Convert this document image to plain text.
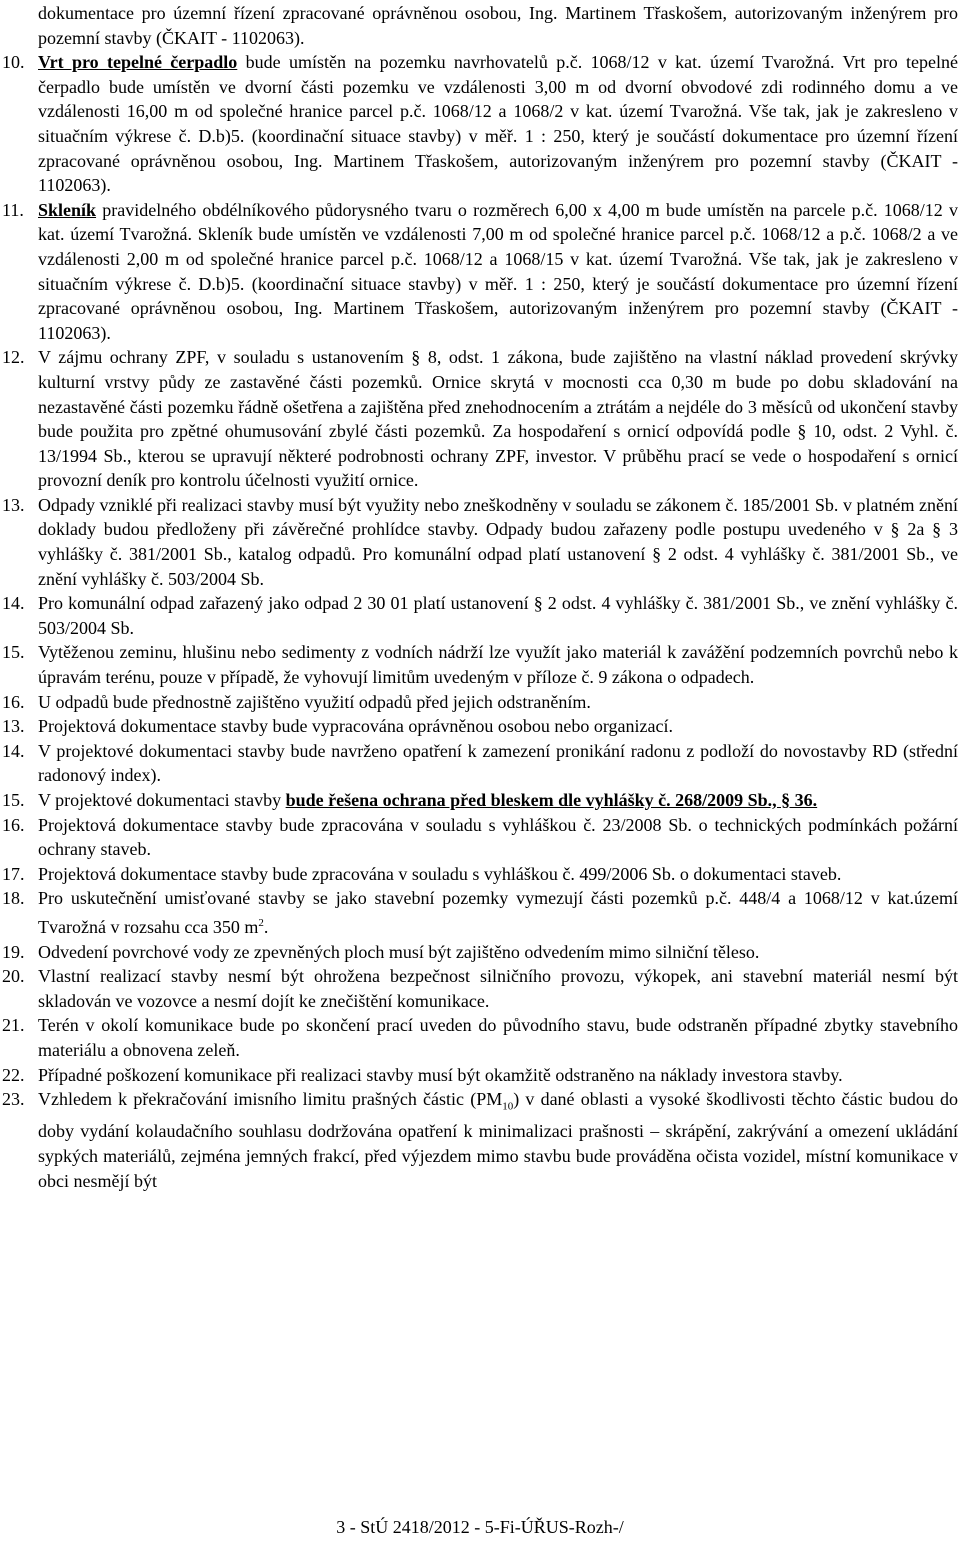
dokumentace pro územní řízení zpracované oprávněnou osobou, Ing. Martinem Třaskošem, autorizovaným inženýrem pro pozemní stavby (ČKAIT - 1102063).
10. Vrt pro tepelné čerpadlo bude umístěn na pozemku navrhovatelů p.č. 1068/12 v kat. území Tvarožná. Vrt pro tepelné čerpadlo bude umístěn ve dvorní části pozemku ve vzdálenosti 3,00 m od dvorní obvodové zdi rodinného domu a ve vzdálenosti 16,00 m od společné hranice parcel p.č. 1068/12 a 1068/2 v kat. území Tvarožná. Vše tak, jak je zakresleno v situačním výkrese č. D.b)5. (koordinační situace stavby) v měř. 1 : 250, který je součástí dokumentace pro územní řízení zpracované oprávněnou osobou, Ing. Martinem Třaskošem, autorizovaným inženýrem pro pozemní stavby (ČKAIT - 1102063).
11. Skleník pravidelného obdélníkového půdorysného tvaru o rozměrech 6,00 x 4,00 m bude umístěn na parcele p.č. 1068/12 v kat. území Tvarožná. Skleník bude umístěn ve vzdálenosti 7,00 m od společné hranice parcel p.č. 1068/12 a p.č. 1068/2 a ve vzdálenosti 2,00 m od společné hranice parcel p.č. 1068/12 a 1068/15 v kat. území Tvarožná. Vše tak, jak je zakresleno v situačním výkrese č. D.b)5. (koordinační situace stavby) v měř. 1 : 250, který je součástí dokumentace pro územní řízení zpracované oprávněnou osobou, Ing. Martinem Třaskošem, autorizovaným inženýrem pro pozemní stavby (ČKAIT - 1102063).
12. V zájmu ochrany ZPF, v souladu s ustanovením § 8, odst. 1 zákona, bude zajištěno na vlastní náklad provedení skrývky kulturní vrstvy půdy ze zastavěné části pozemků. Ornice skrytá v mocnosti cca 0,30 m bude po dobu skladování na nezastavěné části pozemku řádně ošetřena a zajištěna před znehodnocením a ztrátám a nejdéle do 3 měsíců od ukončení stavby bude použita pro zpětné ohumusování zbylé části pozemků. Za hospodaření s ornicí odpovídá podle § 10, odst. 2 Vyhl. č. 13/1994 Sb., kterou se upravují některé podrobnosti ochrany ZPF, investor. V průběhu prací se vede o hospodaření s ornicí provozní deník pro kontrolu účelnosti využití ornice.
13. Odpady vzniklé při realizaci stavby musí být využity nebo zneškodněny v souladu se zákonem č. 185/2001 Sb. v platném znění doklady budou předloženy při závěrečné prohlídce stavby. Odpady budou zařazeny podle postupu uvedeného v § 2a § 3 vyhlášky č. 381/2001 Sb., katalog odpadů. Pro komunální odpad platí ustanovení § 2 odst. 4 vyhlášky č. 381/2001 Sb., ve znění vyhlášky č. 503/2004 Sb.
14. Pro komunální odpad zařazený jako odpad 2 30 01 platí ustanovení § 2 odst. 4 vyhlášky č. 381/2001 Sb., ve znění vyhlášky č. 503/2004 Sb.
15. Vytěženou zeminu, hlušinu nebo sedimenty z vodních nádrží lze využít jako materiál k zavážění podzemních povrchů nebo k úpravám terénu, pouze v případě, že vyhovují limitům uvedeným v příloze č. 9 zákona o odpadech.
16. U odpadů bude přednostně zajištěno využití odpadů před jejich odstraněním.
13. Projektová dokumentace stavby bude vypracována oprávněnou osobou nebo organizací.
14. V projektové dokumentaci stavby bude navrženo opatření k zamezení pronikání radonu z podloží do novostavby RD (střední radonový index).
15. V projektové dokumentaci stavby bude řešena ochrana před bleskem dle vyhlášky č. 268/2009 Sb., § 36.
16. Projektová dokumentace stavby bude zpracována v souladu s vyhláškou č. 23/2008 Sb. o technických podmínkách požární ochrany staveb.
17. Projektová dokumentace stavby bude zpracována v souladu s vyhláškou č. 499/2006 Sb. o dokumentaci staveb.
18. Pro uskutečnění umisťované stavby se jako stavební pozemky vymezují části pozemků p.č. 448/4 a 1068/12 v kat.území Tvarožná v rozsahu cca 350 $m^2$.
19. Odvedení povrchové vody ze zpevněných ploch musí být zajištěno odvedením mimo silniční těleso.
20. Vlastní realizací stavby nesmí být ohrožena bezpečnost silničního provozu, výkopek, ani stavební materiál nesmí být skladován ve vozovce a nesmí dojít ke znečištění komunikace.
21. Terén v okolí komunikace bude po skončení prací uveden do původního stavu, bude odstraněn případné zbytky stavebního materiálu a obnovena zeleň.
22. Případné poškození komunikace při realizaci stavby musí být okamžitě odstraněno na náklady investora stavby.
23. Vzhledem k překračování imisního limitu prašných částic $(PM_{10})$ v dané oblasti a vysoké škodlivosti těchto částic budou do doby vydání kolaudačního souhlasu dodržována opatření k minimalizaci prašnosti – skrápění, zakrývání a omezení ukládání sypkých materiálů, zejména jemných frakcí, před výjezdem mimo stavbu bude prováděna očista vozidel, místní komunikace v obci nesmějí být
3 - StÚ 2418/2012 - 5-Fi-ÚŘUS-Rozh-/
